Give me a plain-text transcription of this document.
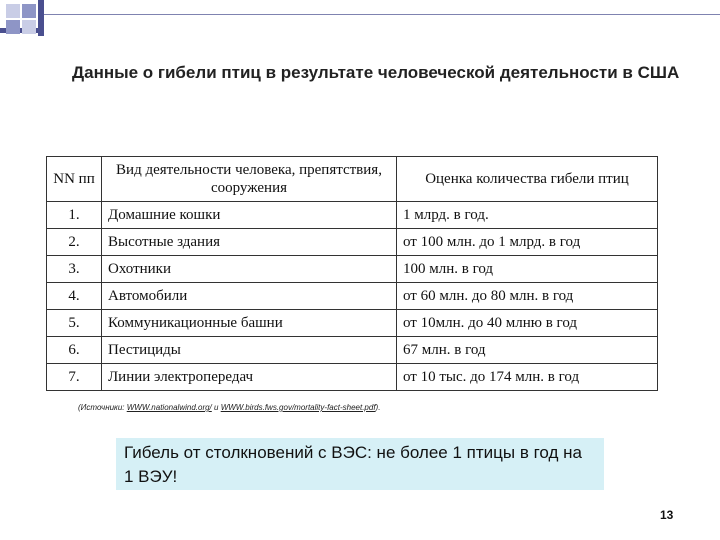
Данные о гибели птиц в результате человеческой деятельности в США
NN пп	Вид деятельности человека, препятствия, сооружения	Оценка количества гибели птиц
1.	Домашние кошки	1 млрд. в год.
2.	Высотные здания	от 100 млн. до 1 млрд. в год
3.	Охотники	100 млн. в год
4.	Автомобили	от 60 млн. до 80 млн. в год
5.	Коммуникационные башни	от 10млн. до 40 млню в год
6.	Пестициды	67 млн. в год
7.	Линии электропередач	от 10 тыс. до 174 млн. в год
(Источники: WWW.nationalwind.org/ и WWW.birds.fws.gov/mortality-fact-sheet.pdf).
Гибель от столкновений с ВЭС: не более 1 птицы в год на 1 ВЭУ!
13
